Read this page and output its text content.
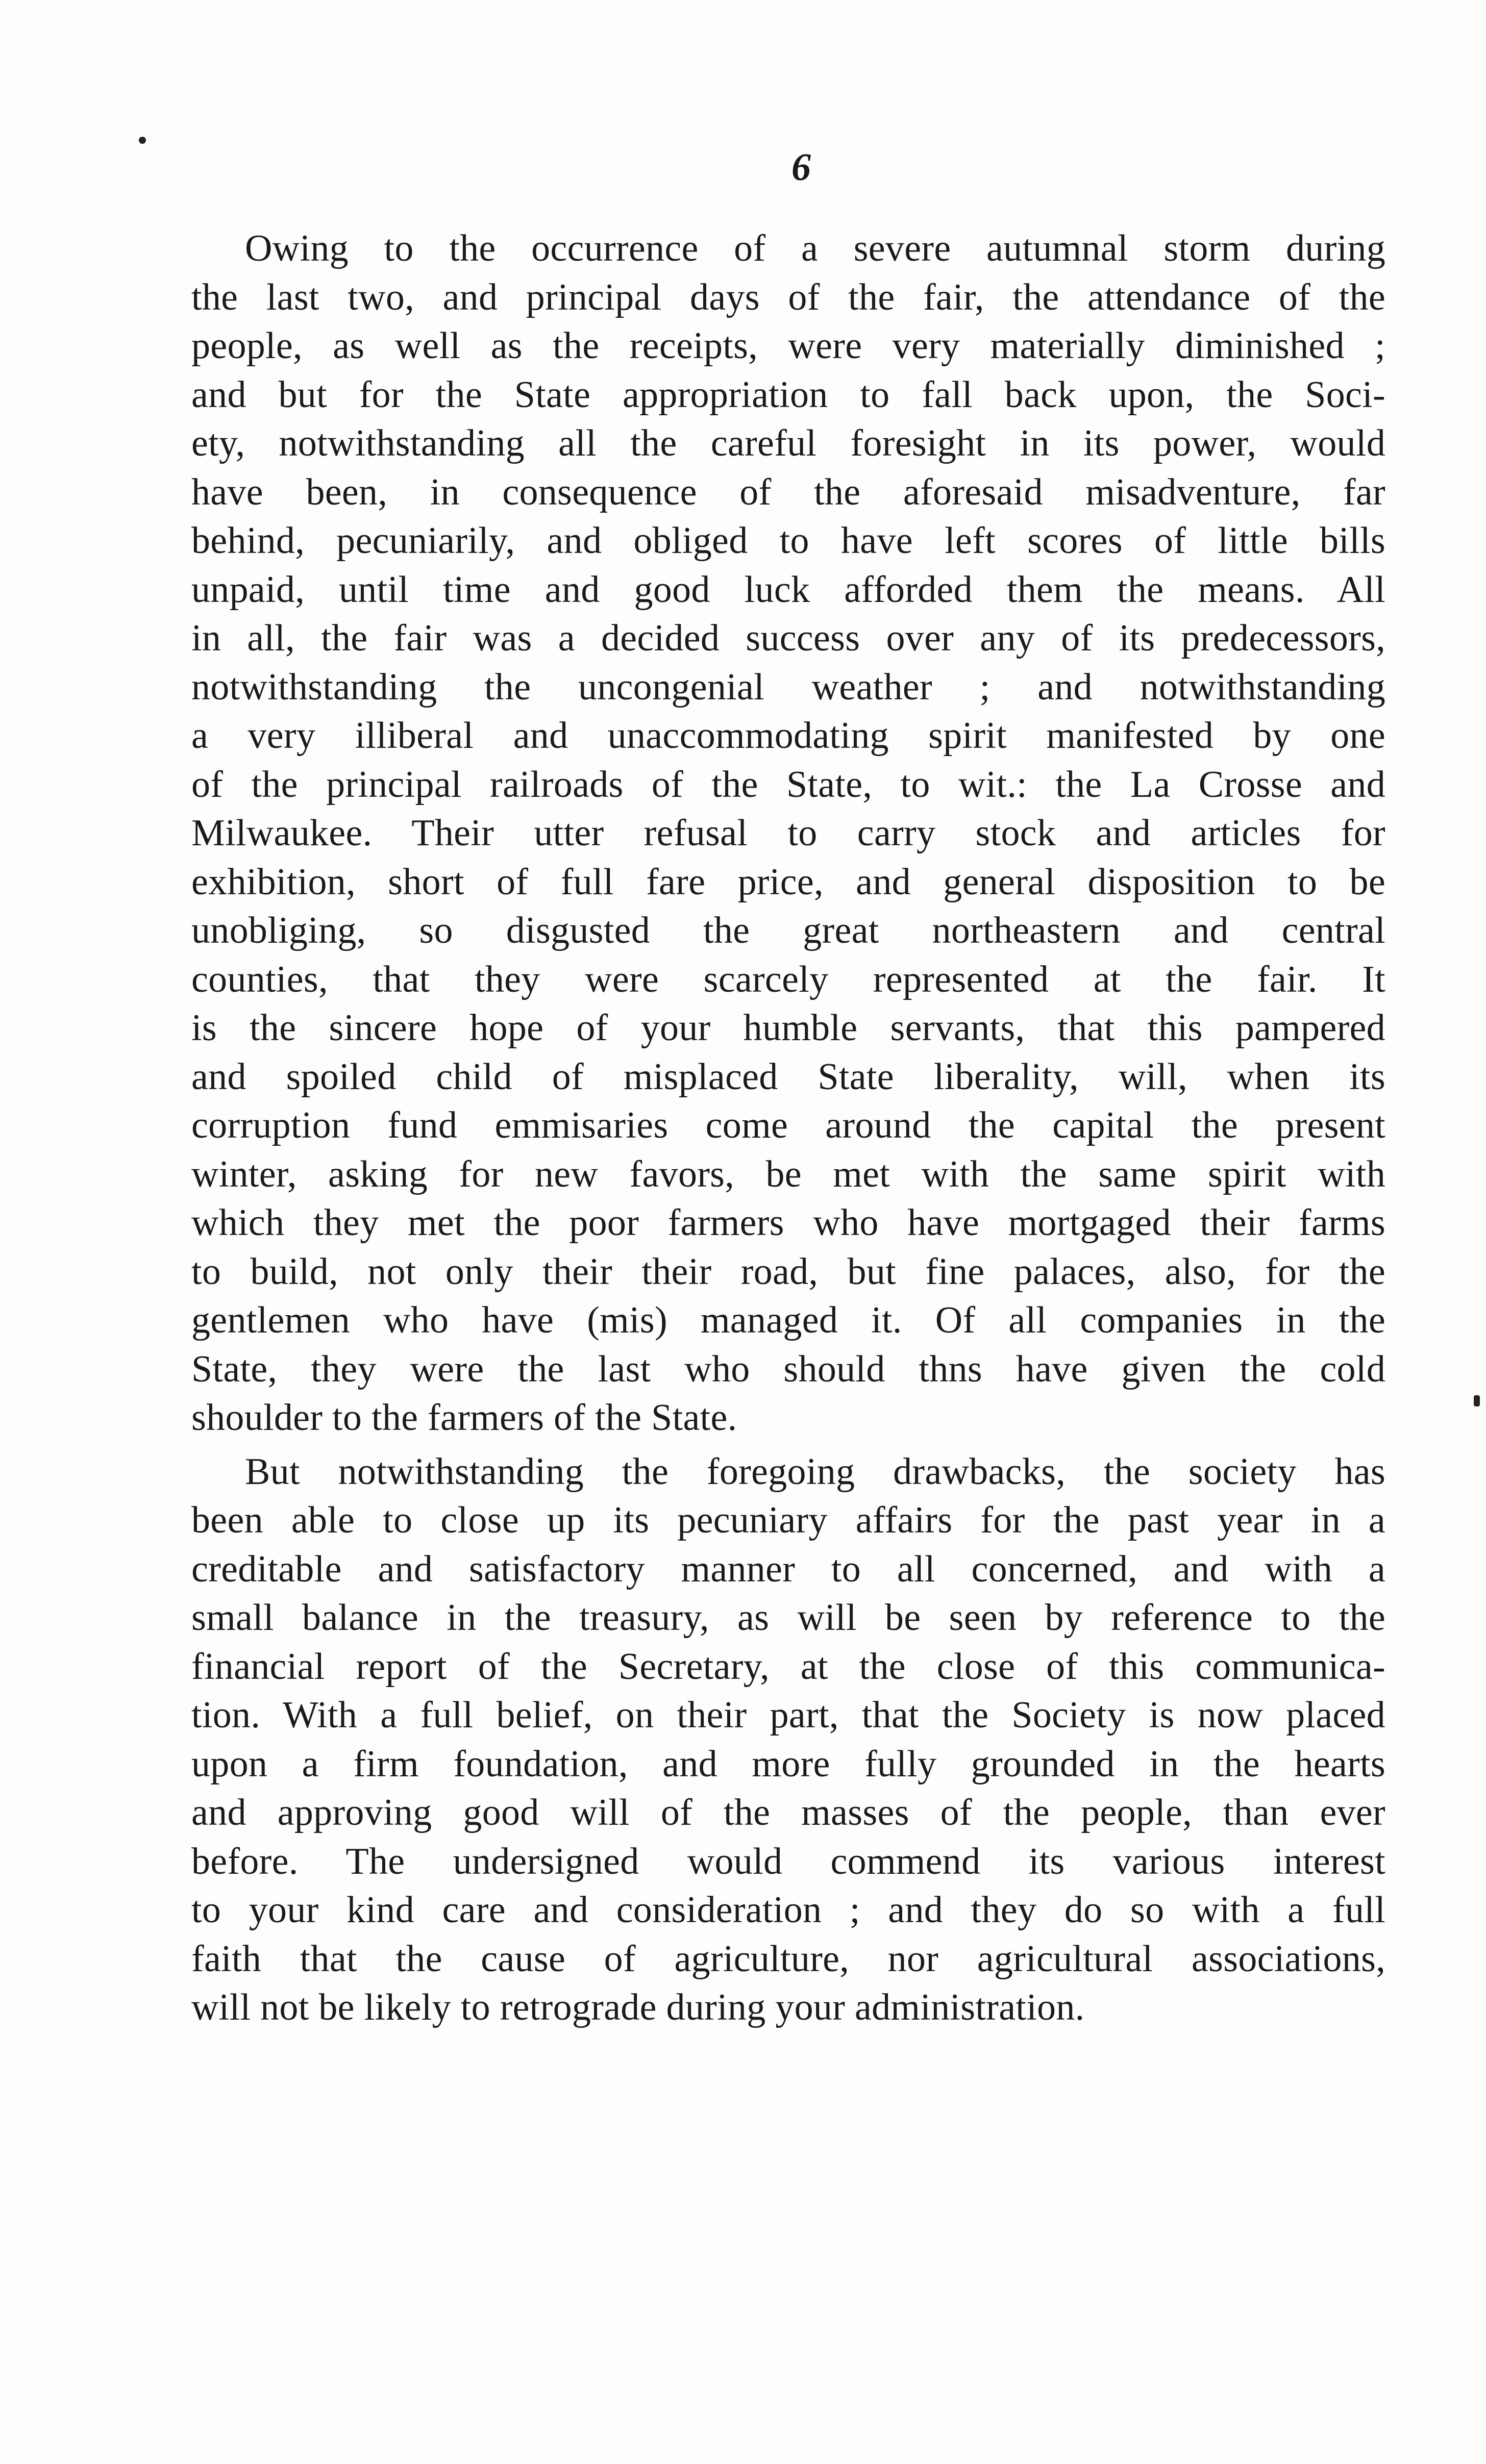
6
Owing to the occurrence of a severe autumnal storm during
the last two, and principal days of the fair, the attendance of the
people, as well as the receipts, were very materially diminished ;
and but for the State appropriation to fall back upon, the Soci-
ety, notwithstanding all the careful foresight in its power, would
have been, in consequence of the aforesaid misadventure, far
behind, pecuniarily, and obliged to have left scores of little bills
unpaid, until time and good luck afforded them the means. All
in all, the fair was a decided success over any of its predecessors,
notwithstanding the uncongenial weather ; and notwithstanding
a very illiberal and unaccommodating spirit manifested by one
of the principal railroads of the State, to wit.: the La Crosse and
Milwaukee. Their utter refusal to carry stock and articles for
exhibition, short of full fare price, and general disposition to be
unobliging, so disgusted the great northeastern and central
counties, that they were scarcely represented at the fair. It
is the sincere hope of your humble servants, that this pampered
and spoiled child of misplaced State liberality, will, when its
corruption fund emmisaries come around the capital the present
winter, asking for new favors, be met with the same spirit with
which they met the poor farmers who have mortgaged their farms
to build, not only their their road, but fine palaces, also, for the
gentlemen who have (mis) managed it. Of all companies in the
State, they were the last who should thns have given the cold
shoulder to the farmers of the State.
But notwithstanding the foregoing drawbacks, the society has
been able to close up its pecuniary affairs for the past year in a
creditable and satisfactory manner to all concerned, and with a
small balance in the treasury, as will be seen by reference to the
financial report of the Secretary, at the close of this communica-
tion. With a full belief, on their part, that the Society is now placed
upon a firm foundation, and more fully grounded in the hearts
and approving good will of the masses of the people, than ever
before. The undersigned would commend its various interest
to your kind care and consideration ; and they do so with a full
faith that the cause of agriculture, nor agricultural associations,
will not be likely to retrograde during your administration.
